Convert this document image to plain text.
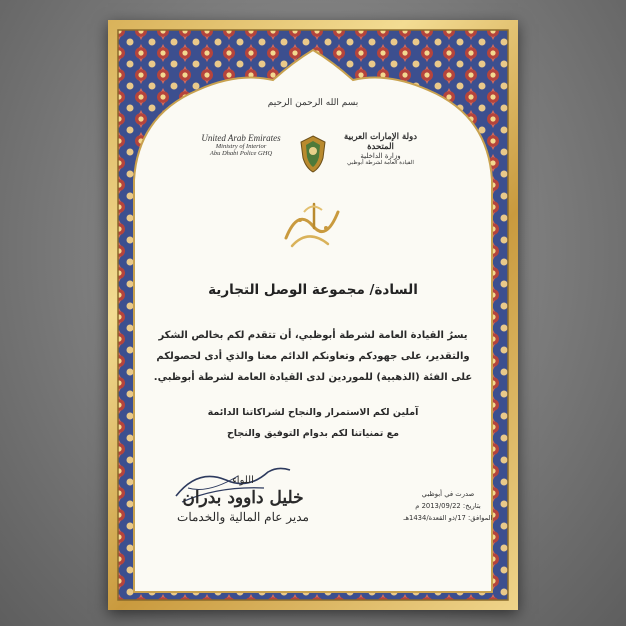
بسم الله الرحمن الرحيم
United Arab Emirates
Ministry of Interior
Abu Dhabi Police GHQ
دولة الإمارات العربية المتحدة
وزارة الداخلية
القيادة العامة لشرطة أبوظبي
السادة/ مجموعة الوصل التجارية
يسرُ القيادة العامة لشرطة أبوظبي، أن تتقدم لكم بخالص الشكر
والتقدير، على جهودكم وتعاونكم الدائم معنا والذي أدى لحصولكم
على الفئة (الذهبية) للموردين لدى القيادة العامة لشرطة أبوظبي.
آملين لكم الاستمرار والنجاح لشراكاتنا الدائمة
مع تمنياتنا لكم بدوام التوفيق والنجاح
اللواء
خليل داوود بدران
مدير عام المالية والخدمات
صدرت في أبوظبي
بتاريخ: 2013/09/22 م
الموافق: 17/ذو القعدة/1434هـ
